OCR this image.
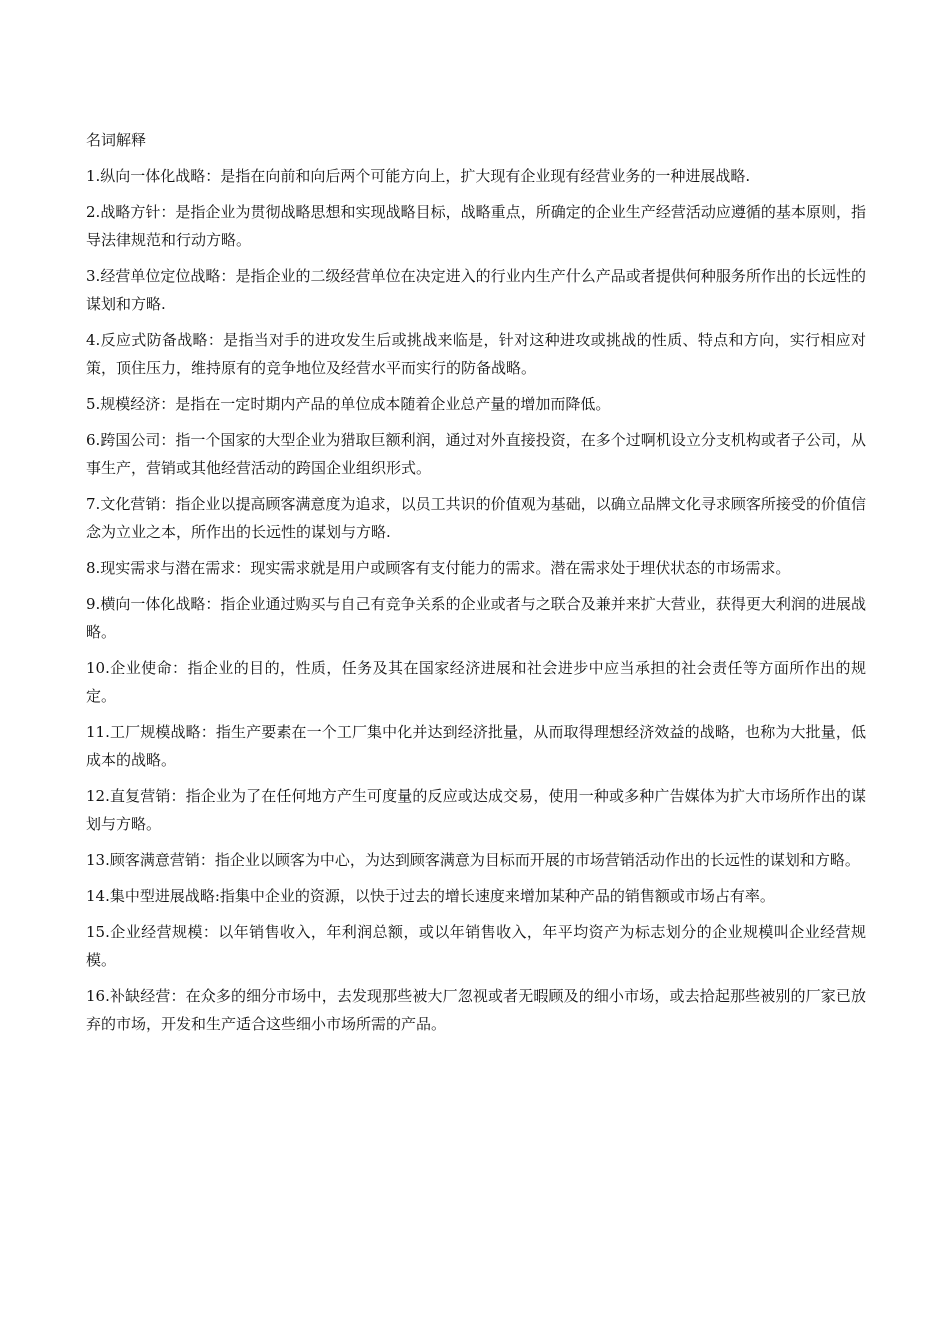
名词解释

1.纵向一体化战略：是指在向前和向后两个可能方向上，扩大现有企业现有经营业务的一种进展战略.

2.战略方针：是指企业为贯彻战略思想和实现战略目标，战略重点，所确定的企业生产经营活动应遵循的基本原则，指导法律规范和行动方略。

3.经营单位定位战略：是指企业的二级经营单位在决定进入的行业内生产什么产品或者提供何种服务所作出的长远性的谋划和方略.

4.反应式防备战略：是指当对手的进攻发生后或挑战来临是，针对这种进攻或挑战的性质、特点和方向，实行相应对策，顶住压力，维持原有的竞争地位及经营水平而实行的防备战略。

5.规模经济：是指在一定时期内产品的单位成本随着企业总产量的增加而降低。

6.跨国公司：指一个国家的大型企业为猎取巨额利润，通过对外直接投资，在多个过啊机设立分支机构或者子公司，从事生产，营销或其他经营活动的跨国企业组织形式。

7.文化营销：指企业以提高顾客满意度为追求，以员工共识的价值观为基础，以确立品牌文化寻求顾客所接受的价值信念为立业之本，所作出的长远性的谋划与方略.

8.现实需求与潜在需求：现实需求就是用户或顾客有支付能力的需求。潜在需求处于埋伏状态的市场需求。

9.横向一体化战略：指企业通过购买与自己有竞争关系的企业或者与之联合及兼并来扩大营业，获得更大利润的进展战略。

10.企业使命：指企业的目的，性质，任务及其在国家经济进展和社会进步中应当承担的社会责任等方面所作出的规定。

11.工厂规模战略：指生产要素在一个工厂集中化并达到经济批量，从而取得理想经济效益的战略，也称为大批量，低成本的战略。

12.直复营销：指企业为了在任何地方产生可度量的反应或达成交易，使用一种或多种广告媒体为扩大市场所作出的谋划与方略。

13.顾客满意营销：指企业以顾客为中心，为达到顾客满意为目标而开展的市场营销活动作出的长远性的谋划和方略。

14.集中型进展战略:指集中企业的资源，以快于过去的增长速度来增加某种产品的销售额或市场占有率。

15.企业经营规模：以年销售收入，年利润总额，或以年销售收入，年平均资产为标志划分的企业规模叫企业经营规模。

16.补缺经营：在众多的细分市场中，去发现那些被大厂忽视或者无暇顾及的细小市场，或去拾起那些被别的厂家已放弃的市场，开发和生产适合这些细小市场所需的产品。
